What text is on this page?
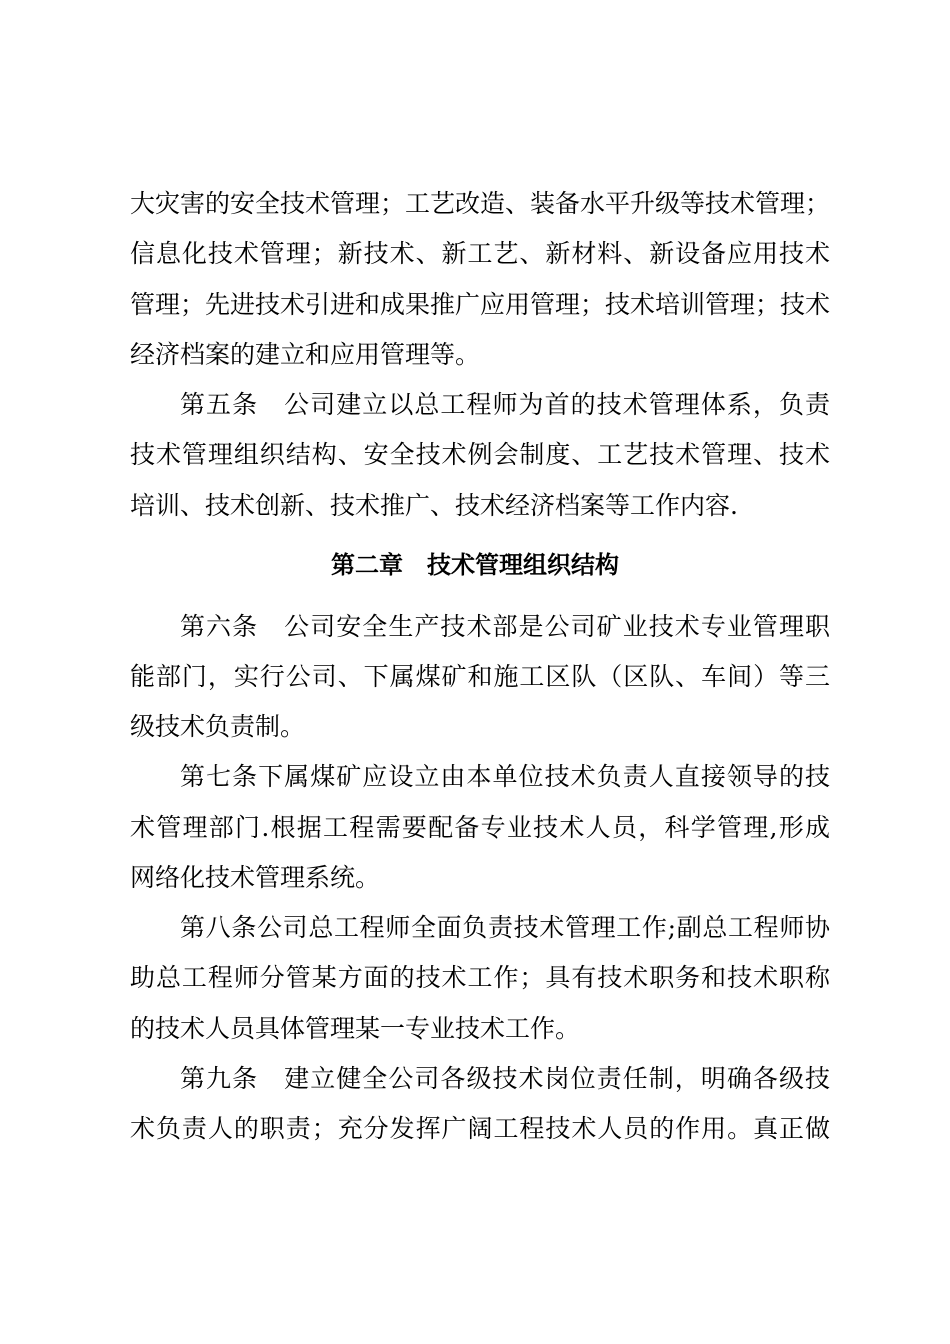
大灾害的安全技术管理；工艺改造、装备水平升级等技术管理；
信息化技术管理；新技术、新工艺、新材料、新设备应用技术
管理；先进技术引进和成果推广应用管理；技术培训管理；技术
经济档案的建立和应用管理等。
第五条　公司建立以总工程师为首的技术管理体系，负责
技术管理组织结构、安全技术例会制度、工艺技术管理、技术
培训、技术创新、技术推广、技术经济档案等工作内容.
第二章　技术管理组织结构
第六条　公司安全生产技术部是公司矿业技术专业管理职
能部门，实行公司、下属煤矿和施工区队（区队、车间）等三
级技术负责制。
第七条下属煤矿应设立由本单位技术负责人直接领导的技
术管理部门.根据工程需要配备专业技术人员，科学管理,形成
网络化技术管理系统。
第八条公司总工程师全面负责技术管理工作;副总工程师协
助总工程师分管某方面的技术工作；具有技术职务和技术职称
的技术人员具体管理某一专业技术工作。
第九条　建立健全公司各级技术岗位责任制，明确各级技
术负责人的职责；充分发挥广阔工程技术人员的作用。真正做
